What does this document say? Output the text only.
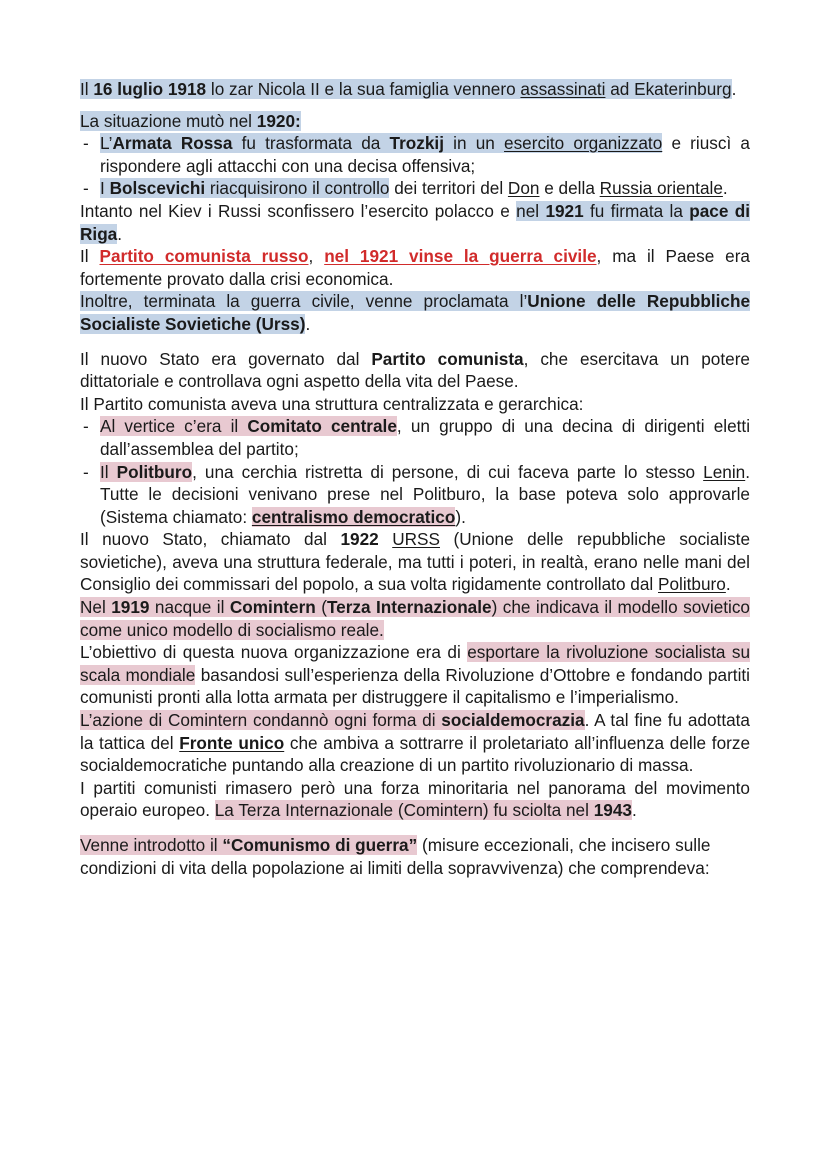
Il 16 luglio 1918 lo zar Nicola II e la sua famiglia vennero assassinati ad Ekaterinburg.

La situazione mutò nel 1920:

- L’Armata Rossa fu trasformata da Trozkij in un esercito organizzato e riuscì a rispondere agli attacchi con una decisa offensiva;
- I Bolscevichi riacquisirono il controllo dei territori del Don e della Russia orientale.

Intanto nel Kiev i Russi sconfissero l’esercito polacco e nel 1921 fu firmata la pace di Riga.

Il Partito comunista russo, nel 1921 vinse la guerra civile, ma il Paese era fortemente provato dalla crisi economica.

Inoltre, terminata la guerra civile, venne proclamata l’Unione delle Repubbliche Socialiste Sovietiche (Urss).

Il nuovo Stato era governato dal Partito comunista, che esercitava un potere dittatoriale e controllava ogni aspetto della vita del Paese.

Il Partito comunista aveva una struttura centralizzata e gerarchica:

- Al vertice c’era il Comitato centrale, un gruppo di una decina di dirigenti eletti dall’assemblea del partito;
- Il Politburo, una cerchia ristretta di persone, di cui faceva parte lo stesso Lenin. Tutte le decisioni venivano prese nel Politburo, la base poteva solo approvarle (Sistema chiamato: centralismo democratico).

Il nuovo Stato, chiamato dal 1922 URSS (Unione delle repubbliche socialiste sovietiche), aveva una struttura federale, ma tutti i poteri, in realtà, erano nelle mani del Consiglio dei commissari del popolo, a sua volta rigidamente controllato dal Politburo.

Nel 1919 nacque il Comintern (Terza Internazionale) che indicava il modello sovietico come unico modello di socialismo reale.

L’obiettivo di questa nuova organizzazione era di esportare la rivoluzione socialista su scala mondiale basandosi sull’esperienza della Rivoluzione d’Ottobre e fondando partiti comunisti pronti alla lotta armata per distruggere il capitalismo e l’imperialismo.

L’azione di Comintern condannò ogni forma di socialdemocrazia. A tal fine fu adottata la tattica del Fronte unico che ambiva a sottrarre il proletariato all’influenza delle forze socialdemocratiche puntando alla creazione di un partito rivoluzionario di massa.

I partiti comunisti rimasero però una forza minoritaria nel panorama del movimento operaio europeo. La Terza Internazionale (Comintern) fu sciolta nel 1943.

Venne introdotto il “Comunismo di guerra” (misure eccezionali, che incisero sulle condizioni di vita della popolazione ai limiti della sopravvivenza) che comprendeva:
